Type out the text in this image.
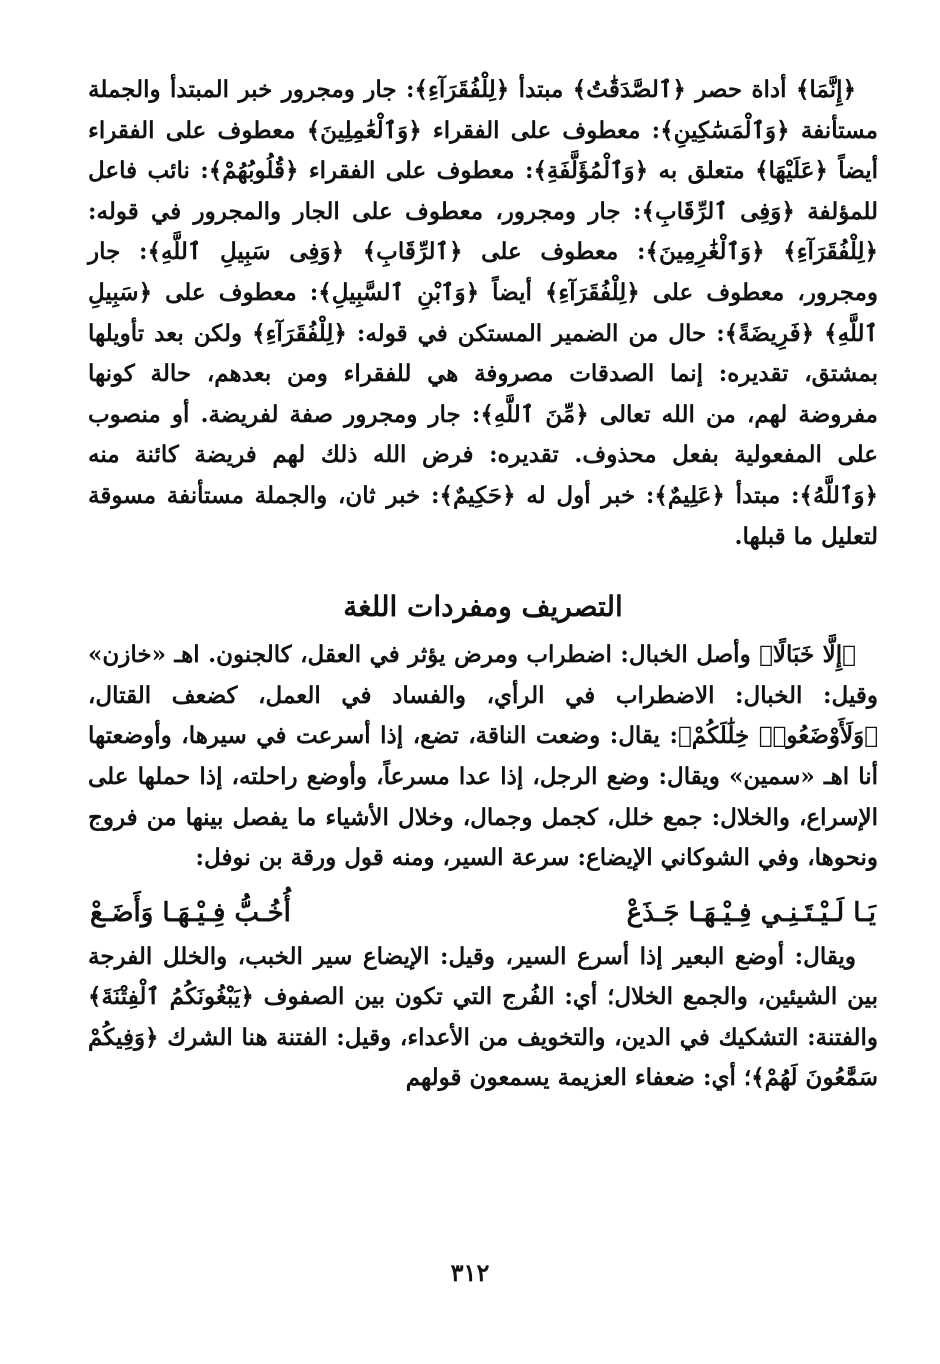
﴿إِنَّمَا﴾ أداة حصر ﴿ٱلصَّدَقَٰتُ﴾ مبتدأ ﴿لِلْفُقَرَآءِ﴾: جار ومجرور خبر المبتدأ والجملة مستأنفة ﴿وَٱلْمَسَٰكِينِ﴾: معطوف على الفقراء ﴿وَٱلْعَٰمِلِينَ﴾ معطوف على الفقراء أيضاً ﴿عَلَيْهَا﴾ متعلق به ﴿وَٱلْمُؤَلَّفَةِ﴾: معطوف على الفقراء ﴿قُلُوبُهُمْ﴾: نائب فاعل للمؤلفة ﴿وَفِى ٱلرِّقَابِ﴾: جار ومجرور، معطوف على الجار والمجرور في قوله: ﴿لِلْفُقَرَآءِ﴾ ﴿وَٱلْغَٰرِمِينَ﴾: معطوف على ﴿ٱلرِّقَابِ﴾ ﴿وَفِى سَبِيلِ ٱللَّهِ﴾: جار ومجرور، معطوف على ﴿لِلْفُقَرَآءِ﴾ أيضاً ﴿وَٱبْنِ ٱلسَّبِيلِ﴾: معطوف على ﴿سَبِيلِ ٱللَّهِ﴾ ﴿فَرِيضَةً﴾: حال من الضمير المستكن في قوله: ﴿لِلْفُقَرَآءِ﴾ ولكن بعد تأويلها بمشتق، تقديره: إنما الصدقات مصروفة هي للفقراء ومن بعدهم، حالة كونها مفروضة لهم، من الله تعالى ﴿مِّنَ ٱللَّهِ﴾: جار ومجرور صفة لفريضة. أو منصوب على المفعولية بفعل محذوف. تقديره: فرض الله ذلك لهم فريضة كائنة منه ﴿وَٱللَّهُ﴾: مبتدأ ﴿عَلِيمٌ﴾: خبر أول له ﴿حَكِيمٌ﴾: خبر ثان، والجملة مستأنفة مسوقة لتعليل ما قبلها.

التصريف ومفردات اللغة

﴿إِلَّا خَبَالًا﴾ وأصل الخبال: اضطراب ومرض يؤثر في العقل، كالجنون. اهـ «خازن» وقيل: الخبال: الاضطراب في الرأي، والفساد في العمل، كضعف القتال، ﴿وَلَأَوْضَعُوا۟ خِلَٰلَكُمْ﴾: يقال: وضعت الناقة، تضع، إذا أسرعت في سيرها، وأوضعتها أنا اهـ «سمين» ويقال: وضع الرجل، إذا عدا مسرعاً، وأوضع راحلته، إذا حملها على الإسراع، والخلال: جمع خلل، كجمل وجمال، وخلال الأشياء ما يفصل بينها من فروج ونحوها، وفي الشوكاني الإيضاع: سرعة السير، ومنه قول ورقة بن نوفل:

يَـا لَـيْـتَـنِـي فِـيْـهَـا جَـذَعْ
أُخُـبُّ فِـيْـهَـا وَأَضَـعْ

ويقال: أوضع البعير إذا أسرع السير، وقيل: الإيضاع سير الخبب، والخلل الفرجة بين الشيئين، والجمع الخلال؛ أي: الفُرج التي تكون بين الصفوف ﴿يَبْغُونَكُمُ ٱلْفِتْنَةَ﴾ والفتنة: التشكيك في الدين، والتخويف من الأعداء، وقيل: الفتنة هنا الشرك ﴿وَفِيكُمْ سَمَّٰعُونَ لَهُمْ﴾؛ أي: ضعفاء العزيمة يسمعون قولهم

٣١٢
